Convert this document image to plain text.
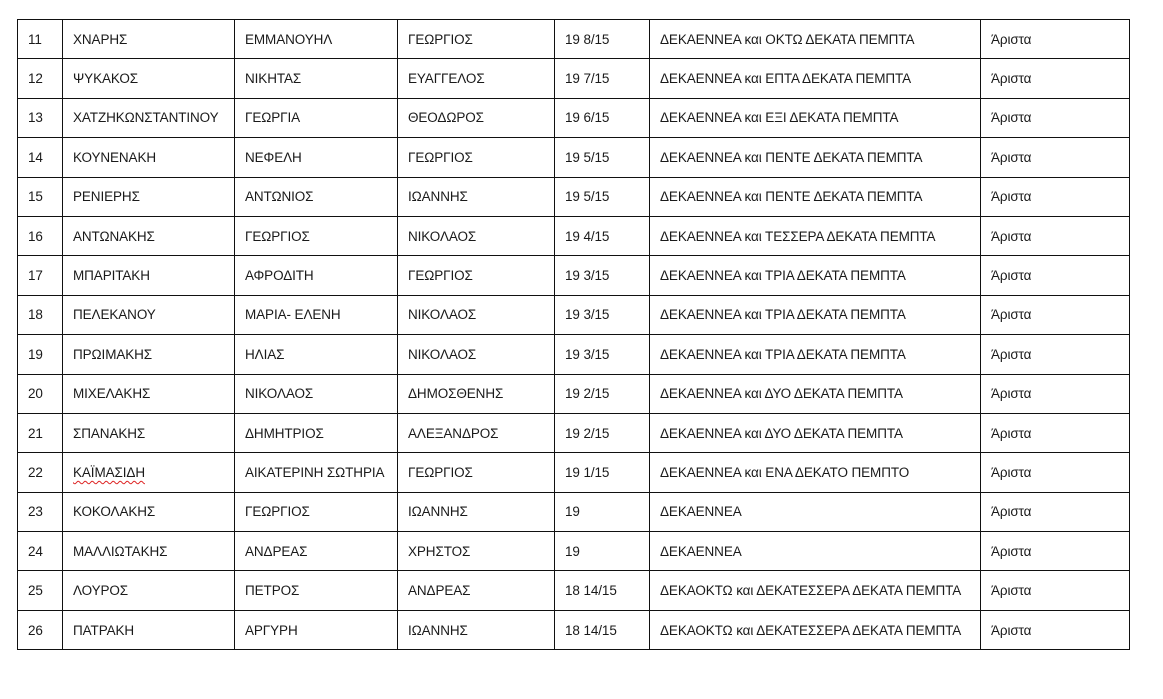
11	ΧΝΑΡΗΣ	ΕΜΜΑΝΟΥΗΛ	ΓΕΩΡΓΙΟΣ	19 8/15	ΔΕΚΑΕΝΝΕΑ και ΟΚΤΩ ΔΕΚΑΤΑ ΠΕΜΠΤΑ	Άριστα
12	ΨΥΚΑΚΟΣ	ΝΙΚΗΤΑΣ	ΕΥΑΓΓΕΛΟΣ	19 7/15	ΔΕΚΑΕΝΝΕΑ και ΕΠΤΑ ΔΕΚΑΤΑ ΠΕΜΠΤΑ	Άριστα
13	ΧΑΤΖΗΚΩΝΣΤΑΝΤΙΝΟΥ	ΓΕΩΡΓΙΑ	ΘΕΟΔΩΡΟΣ	19 6/15	ΔΕΚΑΕΝΝΕΑ και ΕΞΙ ΔΕΚΑΤΑ ΠΕΜΠΤΑ	Άριστα
14	ΚΟΥΝΕΝΑΚΗ	ΝΕΦΕΛΗ	ΓΕΩΡΓΙΟΣ	19 5/15	ΔΕΚΑΕΝΝΕΑ και ΠΕΝΤΕ ΔΕΚΑΤΑ ΠΕΜΠΤΑ	Άριστα
15	ΡΕΝΙΕΡΗΣ	ΑΝΤΩΝΙΟΣ	ΙΩΑΝΝΗΣ	19 5/15	ΔΕΚΑΕΝΝΕΑ και ΠΕΝΤΕ ΔΕΚΑΤΑ ΠΕΜΠΤΑ	Άριστα
16	ΑΝΤΩΝΑΚΗΣ	ΓΕΩΡΓΙΟΣ	ΝΙΚΟΛΑΟΣ	19 4/15	ΔΕΚΑΕΝΝΕΑ και ΤΕΣΣΕΡΑ ΔΕΚΑΤΑ ΠΕΜΠΤΑ	Άριστα
17	ΜΠΑΡΙΤΑΚΗ	ΑΦΡΟΔΙΤΗ	ΓΕΩΡΓΙΟΣ	19 3/15	ΔΕΚΑΕΝΝΕΑ και ΤΡΙΑ ΔΕΚΑΤΑ ΠΕΜΠΤΑ	Άριστα
18	ΠΕΛΕΚΑΝΟΥ	ΜΑΡΙΑ- ΕΛΕΝΗ	ΝΙΚΟΛΑΟΣ	19 3/15	ΔΕΚΑΕΝΝΕΑ και ΤΡΙΑ ΔΕΚΑΤΑ ΠΕΜΠΤΑ	Άριστα
19	ΠΡΩΙΜΑΚΗΣ	ΗΛΙΑΣ	ΝΙΚΟΛΑΟΣ	19 3/15	ΔΕΚΑΕΝΝΕΑ και ΤΡΙΑ ΔΕΚΑΤΑ ΠΕΜΠΤΑ	Άριστα
20	ΜΙΧΕΛΑΚΗΣ	ΝΙΚΟΛΑΟΣ	ΔΗΜΟΣΘΕΝΗΣ	19 2/15	ΔΕΚΑΕΝΝΕΑ και ΔΥΟ ΔΕΚΑΤΑ ΠΕΜΠΤΑ	Άριστα
21	ΣΠΑΝΑΚΗΣ	ΔΗΜΗΤΡΙΟΣ	ΑΛΕΞΑΝΔΡΟΣ	19 2/15	ΔΕΚΑΕΝΝΕΑ και ΔΥΟ ΔΕΚΑΤΑ ΠΕΜΠΤΑ	Άριστα
22	ΚΑΪΜΑΣΙΔΗ	ΑΙΚΑΤΕΡΙΝΗ ΣΩΤΗΡΙΑ	ΓΕΩΡΓΙΟΣ	19 1/15	ΔΕΚΑΕΝΝΕΑ και ΕΝΑ ΔΕΚΑΤΟ ΠΕΜΠΤΟ	Άριστα
23	ΚΟΚΟΛΑΚΗΣ	ΓΕΩΡΓΙΟΣ	ΙΩΑΝΝΗΣ	19	ΔΕΚΑΕΝΝΕΑ	Άριστα
24	ΜΑΛΛΙΩΤΑΚΗΣ	ΑΝΔΡΕΑΣ	ΧΡΗΣΤΟΣ	19	ΔΕΚΑΕΝΝΕΑ	Άριστα
25	ΛΟΥΡΟΣ	ΠΕΤΡΟΣ	ΑΝΔΡΕΑΣ	18 14/15	ΔΕΚΑΟΚΤΩ και ΔΕΚΑΤΕΣΣΕΡΑ ΔΕΚΑΤΑ ΠΕΜΠΤΑ	Άριστα
26	ΠΑΤΡΑΚΗ	ΑΡΓΥΡΗ	ΙΩΑΝΝΗΣ	18 14/15	ΔΕΚΑΟΚΤΩ και ΔΕΚΑΤΕΣΣΕΡΑ ΔΕΚΑΤΑ ΠΕΜΠΤΑ	Άριστα
